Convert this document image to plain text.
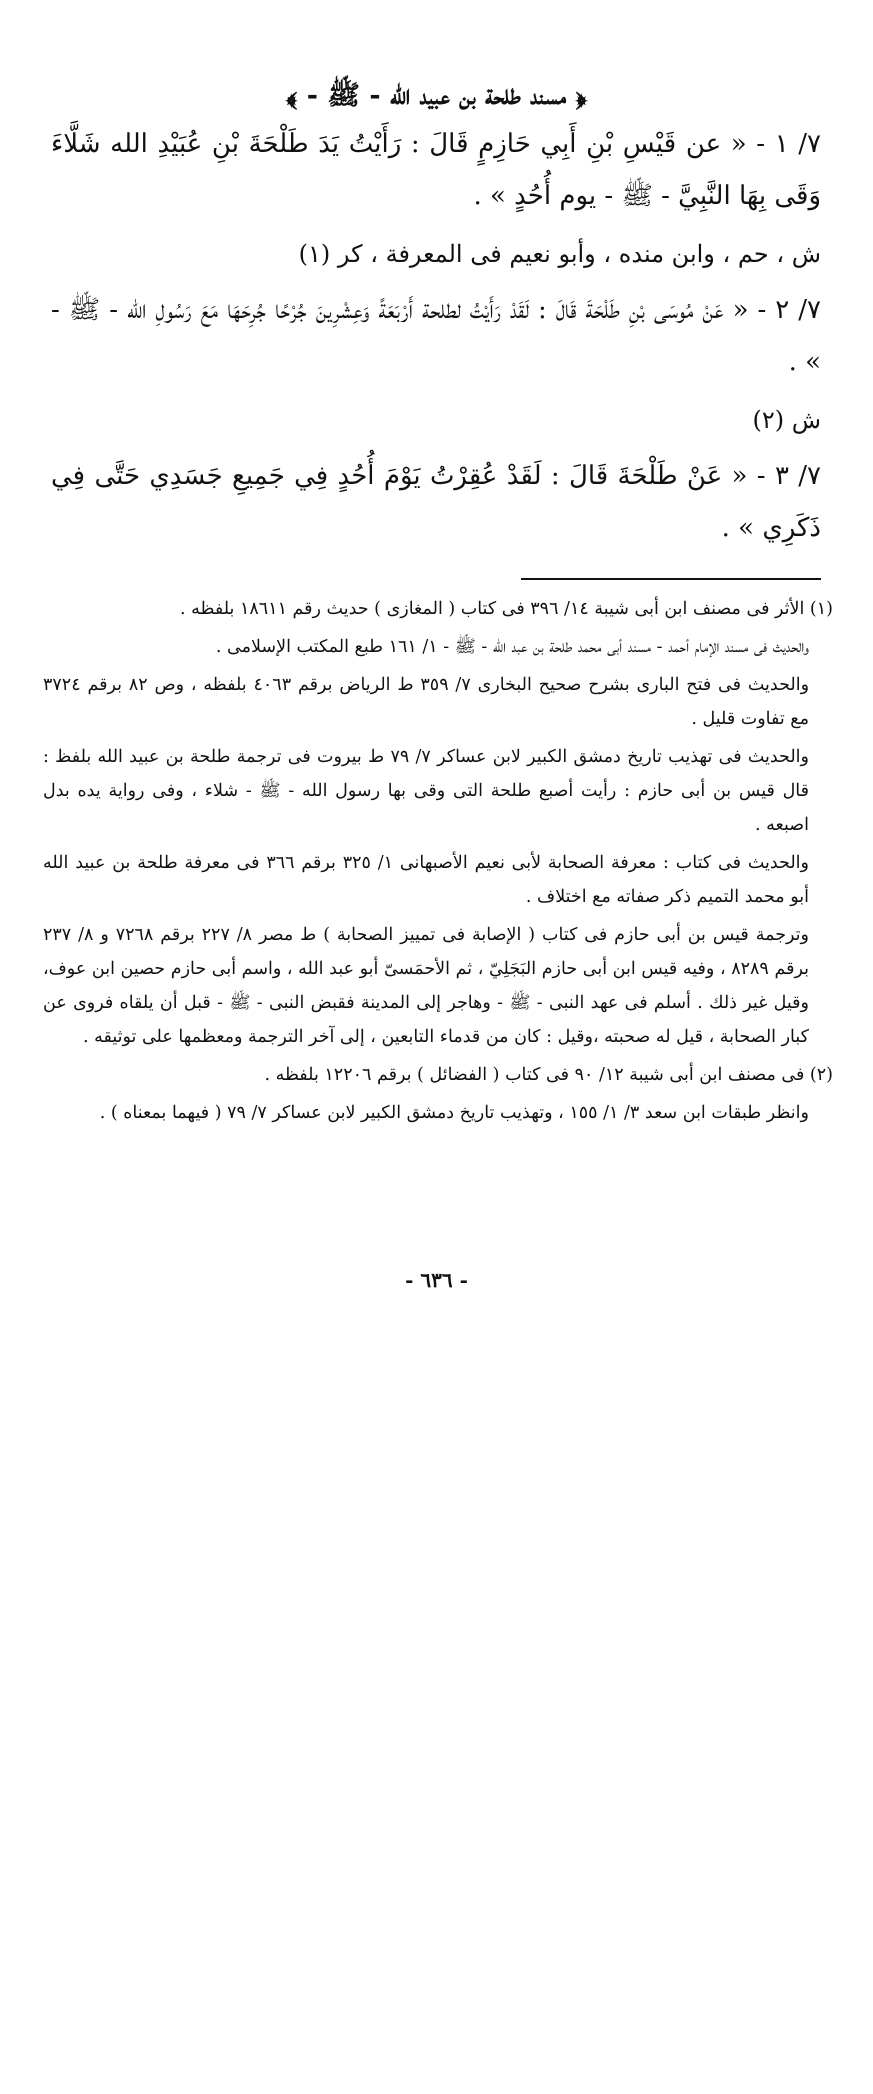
﴿ مسند طلحة بن عبيد الله - ﷺ - ﴾

٧/ ١ - « عن قَيْسِ بْنِ أَبِي حَازِمٍ قَالَ : رَأَيْتُ يَدَ طَلْحَةَ بْنِ عُبَيْدِ الله شَلَّاءَ وَقَى بِهَا النَّبِيَّ - ﷺ - يوم أُحُدٍ » .

ش ، حم ، وابن منده ، وأبو نعيم فى المعرفة ، كر (١)

٧/ ٢ - « عَنْ مُوسَى بْنِ طَلْحَةَ قَالَ : لَقَدْ رَأَيْتُ لطلحة أَرْبَعَةً وَعِشْرِينَ جُرْحًا جُرِحَهَا مَعَ رَسُولِ الله - ﷺ - » .

ش (٢)

٧/ ٣ - « عَنْ طَلْحَةَ قَالَ : لَقَدْ عُقِرْتُ يَوْمَ أُحُدٍ فِي جَمِيعِ جَسَدِي حَتَّى فِي ذَكَرِي » .

(١) الأثر فى مصنف ابن أبى شيبة ١٤/ ٣٩٦ فى كتاب ( المغازى ) حديث رقم ١٨٦١١ بلفظه .

والحديث فى مسند الإمام أحمد - مسند أبى محمد طلحة بن عبد الله - ﷺ - ١/ ١٦١ طبع المكتب الإسلامى .

والحديث فى فتح البارى بشرح صحيح البخارى ٧/ ٣٥٩ ط الرياض برقم ٤٠٦٣ بلفظه ، وص ٨٢ برقم ٣٧٢٤ مع تفاوت قليل .

والحديث فى تهذيب تاريخ دمشق الكبير لابن عساكر ٧/ ٧٩ ط بيروت فى ترجمة طلحة بن عبيد الله بلفظ : قال قيس بن أبى حازم : رأيت أصبع طلحة التى وقى بها رسول الله - ﷺ - شلاء ، وفى رواية يده بدل اصبعه .

والحديث فى كتاب : معرفة الصحابة لأبى نعيم الأصبهانى ١/ ٣٢٥ برقم ٣٦٦ فى معرفة طلحة بن عبيد الله أبو محمد التميم ذكر صفاته مع اختلاف .

وترجمة قيس بن أبى حازم فى كتاب ( الإصابة فى تمييز الصحابة ) ط مصر ٨/ ٢٢٧ برقم ٧٢٦٨ و ٨/ ٢٣٧ برقم ٨٢٨٩ ، وفيه قيس ابن أبى حازم البَجَلِيّ ، ثم الأحمَسىّ أبو عبد الله ، واسم أبى حازم حصين ابن عوف، وقيل غير ذلك . أسلم فى عهد النبى - ﷺ - وهاجر إلى المدينة فقبض النبى - ﷺ - قبل أن يلقاه فروى عن كبار الصحابة ، قيل له صحبته ،وقيل : كان من قدماء التابعين ، إلى آخر الترجمة ومعظمها على توثيقه .

(٢) فى مصنف ابن أبى شيبة ١٢/ ٩٠ فى كتاب ( الفضائل ) برقم ١٢٢٠٦ بلفظه .

وانظر طبقات ابن سعد ٣/ ١/ ١٥٥ ، وتهذيب تاريخ دمشق الكبير لابن عساكر ٧/ ٧٩ ( فيهما بمعناه ) .

- ٦٣٦ -
